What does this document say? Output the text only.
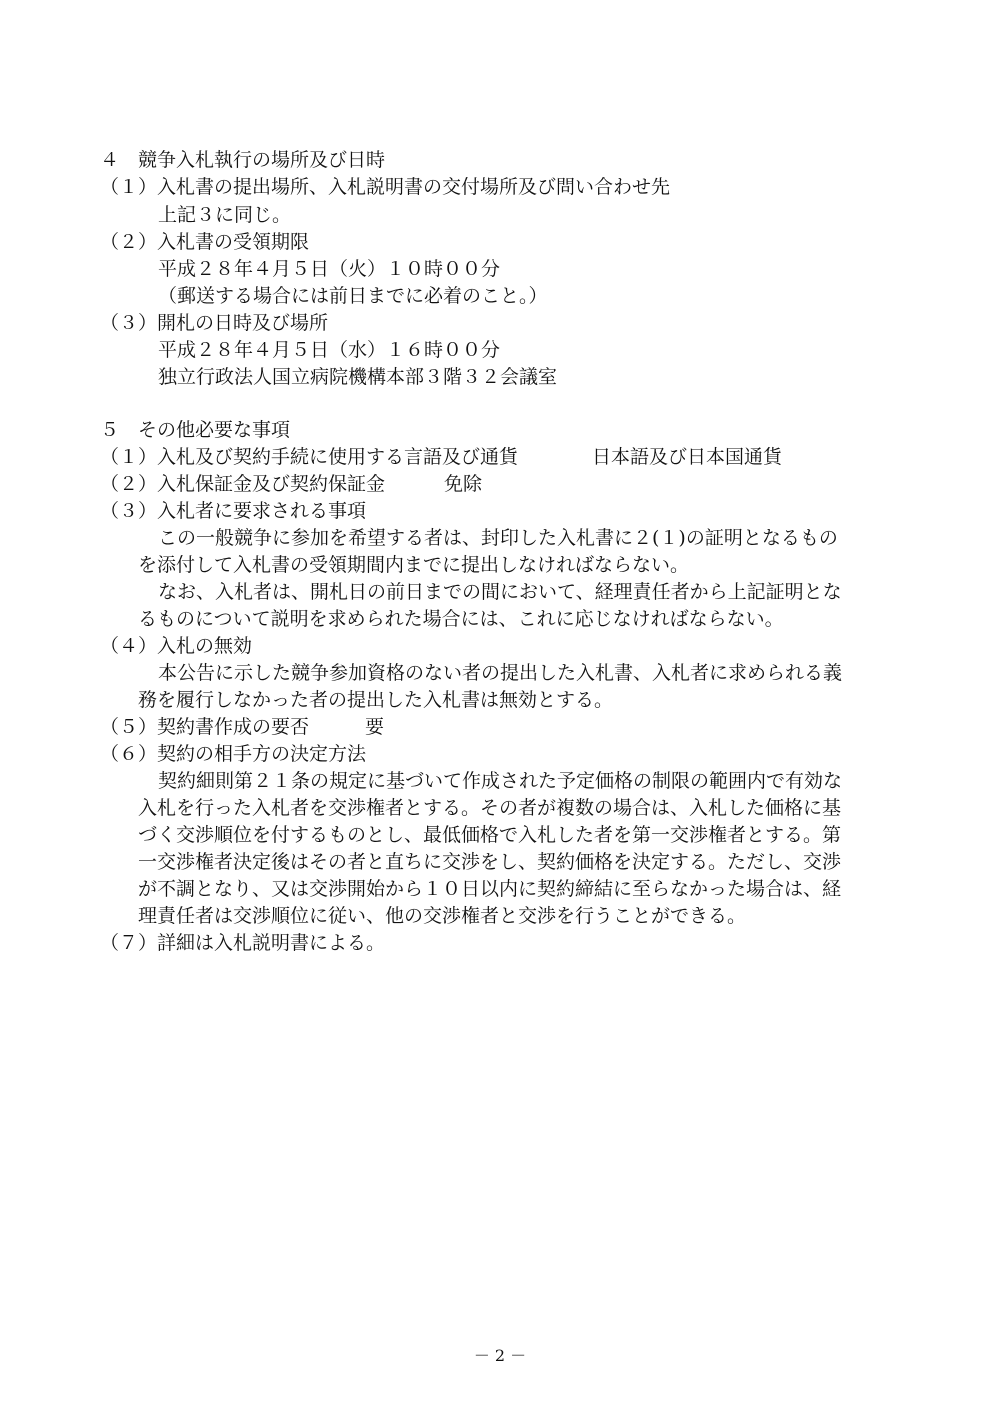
４　競争入札執行の場所及び日時
（１）入札書の提出場所、入札説明書の交付場所及び問い合わせ先
上記３に同じ。
（２）入札書の受領期限
平成２８年４月５日（火）１０時００分
（郵送する場合には前日までに必着のこと。）
（３）開札の日時及び場所
平成２８年４月５日（水）１６時００分
独立行政法人国立病院機構本部３階３２会議室
５　その他必要な事項
（１）入札及び契約手続に使用する言語及び通貨	日本語及び日本国通貨
（２）入札保証金及び契約保証金	免除
（３）入札者に要求される事項
この一般競争に参加を希望する者は、封印した入札書に２(１)の証明となるもの
を添付して入札書の受領期間内までに提出しなければならない。
なお、入札者は、開札日の前日までの間において、経理責任者から上記証明とな
るものについて説明を求められた場合には、これに応じなければならない。
（４）入札の無効
本公告に示した競争参加資格のない者の提出した入札書、入札者に求められる義
務を履行しなかった者の提出した入札書は無効とする。
（５）契約書作成の要否	要
（６）契約の相手方の決定方法
契約細則第２１条の規定に基づいて作成された予定価格の制限の範囲内で有効な
入札を行った入札者を交渉権者とする。その者が複数の場合は、入札した価格に基
づく交渉順位を付するものとし、最低価格で入札した者を第一交渉権者とする。第
一交渉権者決定後はその者と直ちに交渉をし、契約価格を決定する。ただし、交渉
が不調となり、又は交渉開始から１０日以内に契約締結に至らなかった場合は、経
理責任者は交渉順位に従い、他の交渉権者と交渉を行うことができる。
（７）詳細は入札説明書による。
－ 2 －
